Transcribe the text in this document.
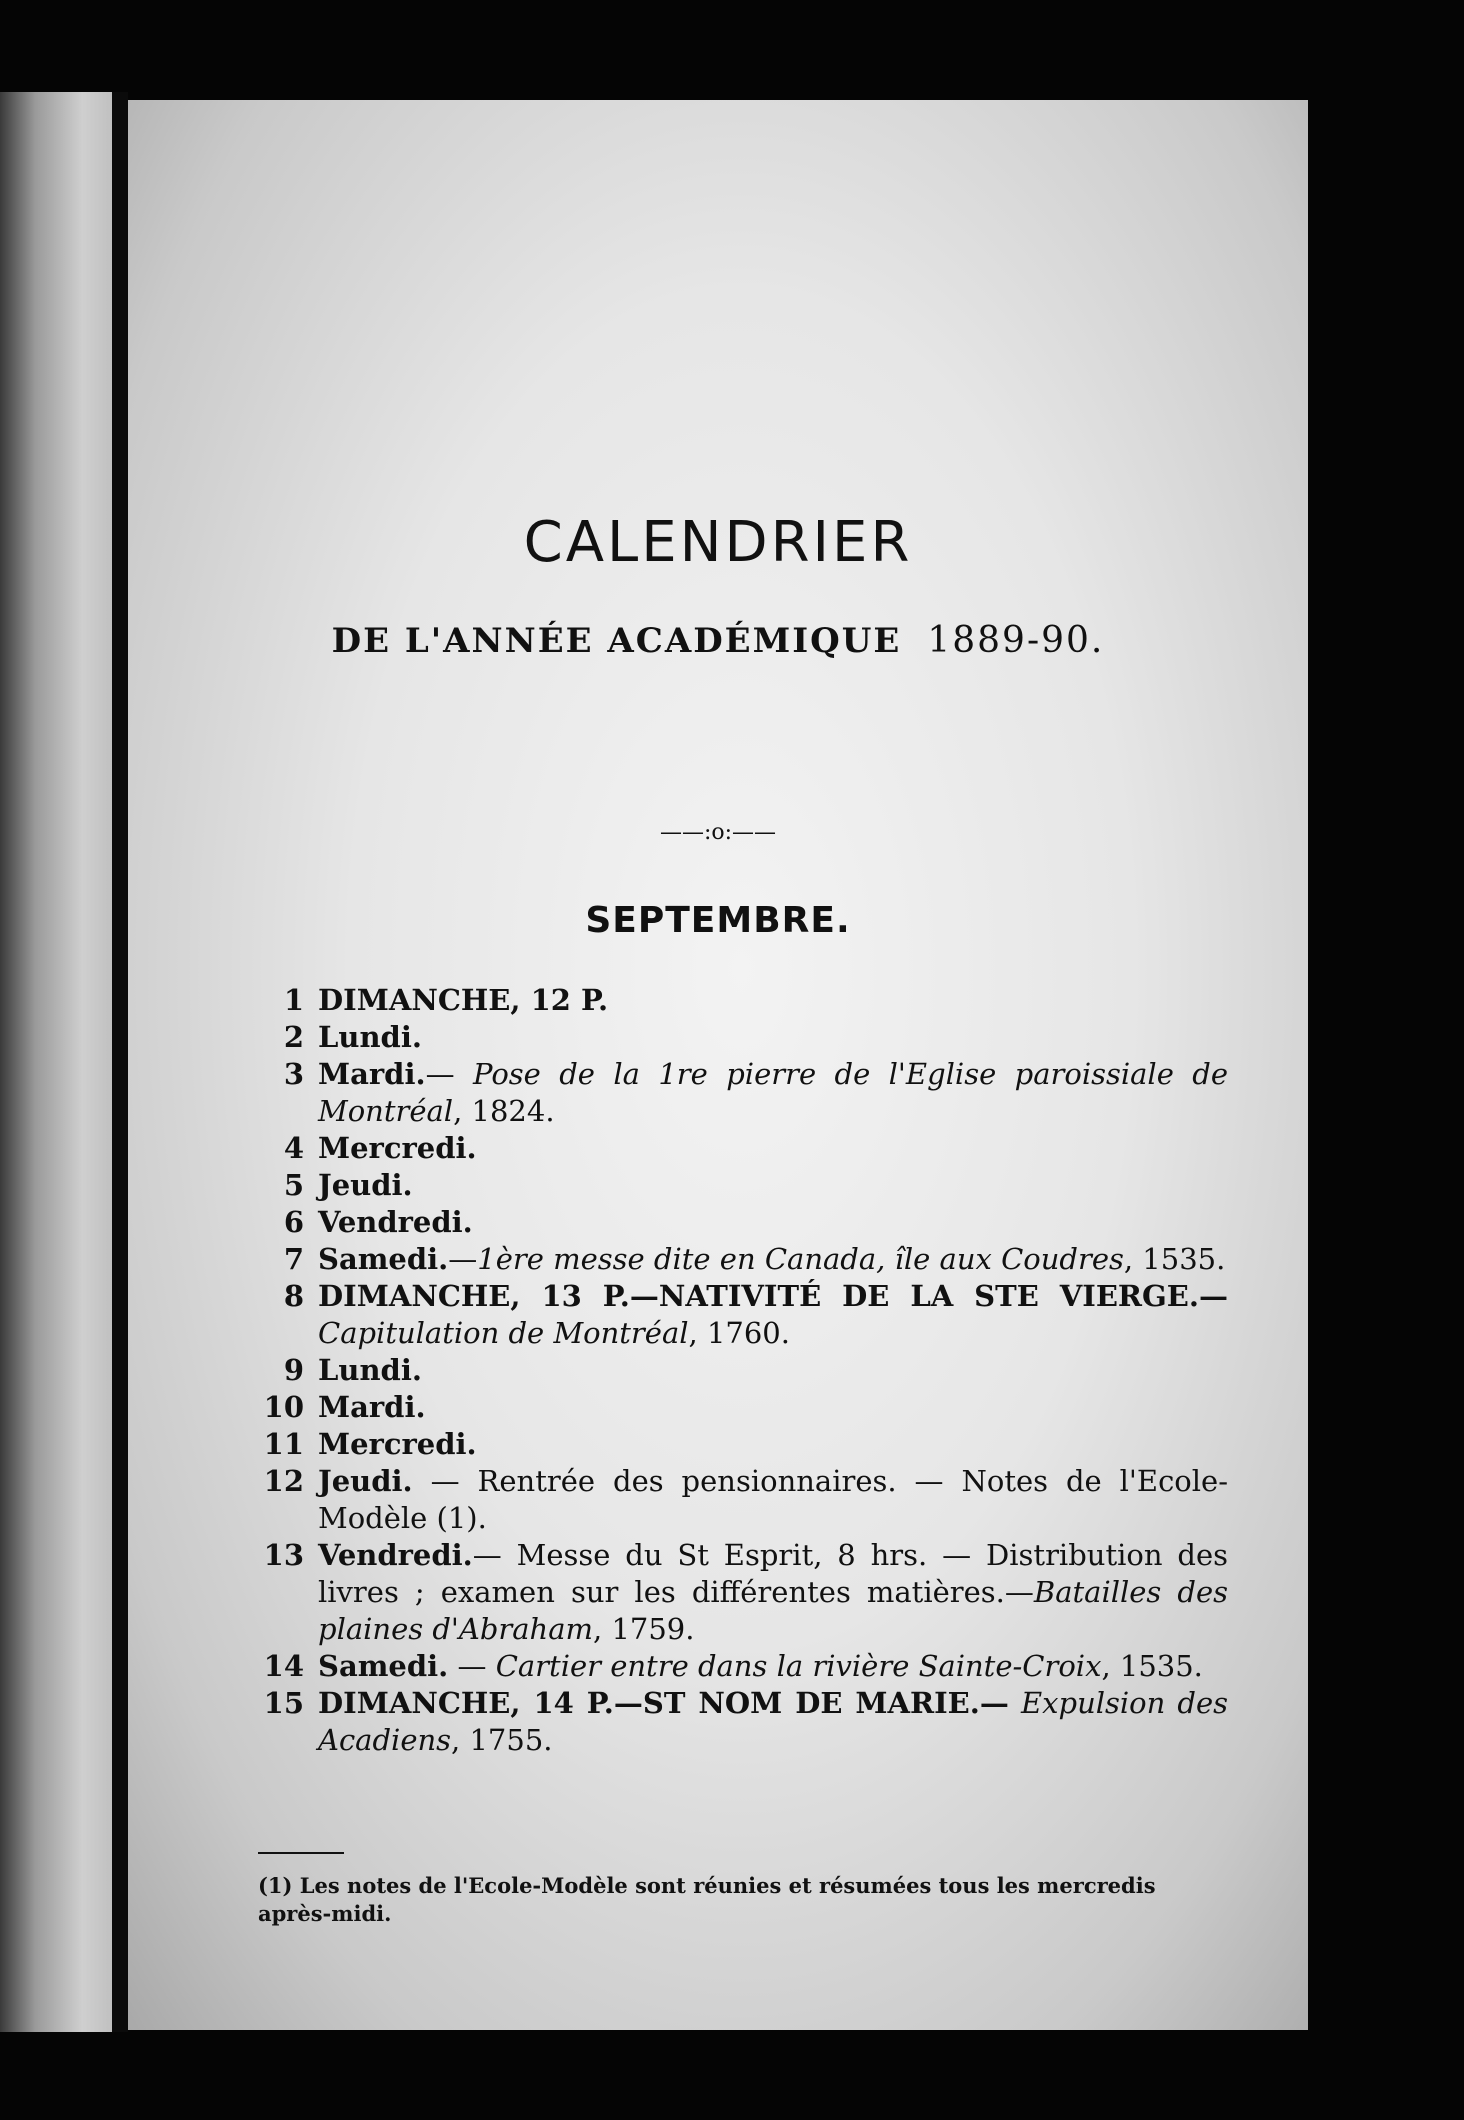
CALENDRIER
DE L'ANNÉE ACADÉMIQUE 1889-90.
——:o:——
SEPTEMBRE.
1 DIMANCHE, 12 P.
2 Lundi.
3 Mardi.— Pose de la 1re pierre de l'Eglise paroissiale de Montréal, 1824.
4 Mercredi.
5 Jeudi.
6 Vendredi.
7 Samedi.—1ère messe dite en Canada, île aux Coudres, 1535.
8 DIMANCHE, 13 P.—NATIVITÉ DE LA STE VIERGE.— Capitulation de Montréal, 1760.
9 Lundi.
10 Mardi.
11 Mercredi.
12 Jeudi. — Rentrée des pensionnaires. — Notes de l'Ecole-Modèle (1).
13 Vendredi.— Messe du St Esprit, 8 hrs. — Distribution des livres ; examen sur les différentes matières.—Batailles des plaines d'Abraham, 1759.
14 Samedi. — Cartier entre dans la rivière Sainte-Croix, 1535.
15 DIMANCHE, 14 P.—ST NOM DE MARIE.— Expulsion des Acadiens, 1755.
(1) Les notes de l'Ecole-Modèle sont réunies et résumées tous les mercredis après-midi.
